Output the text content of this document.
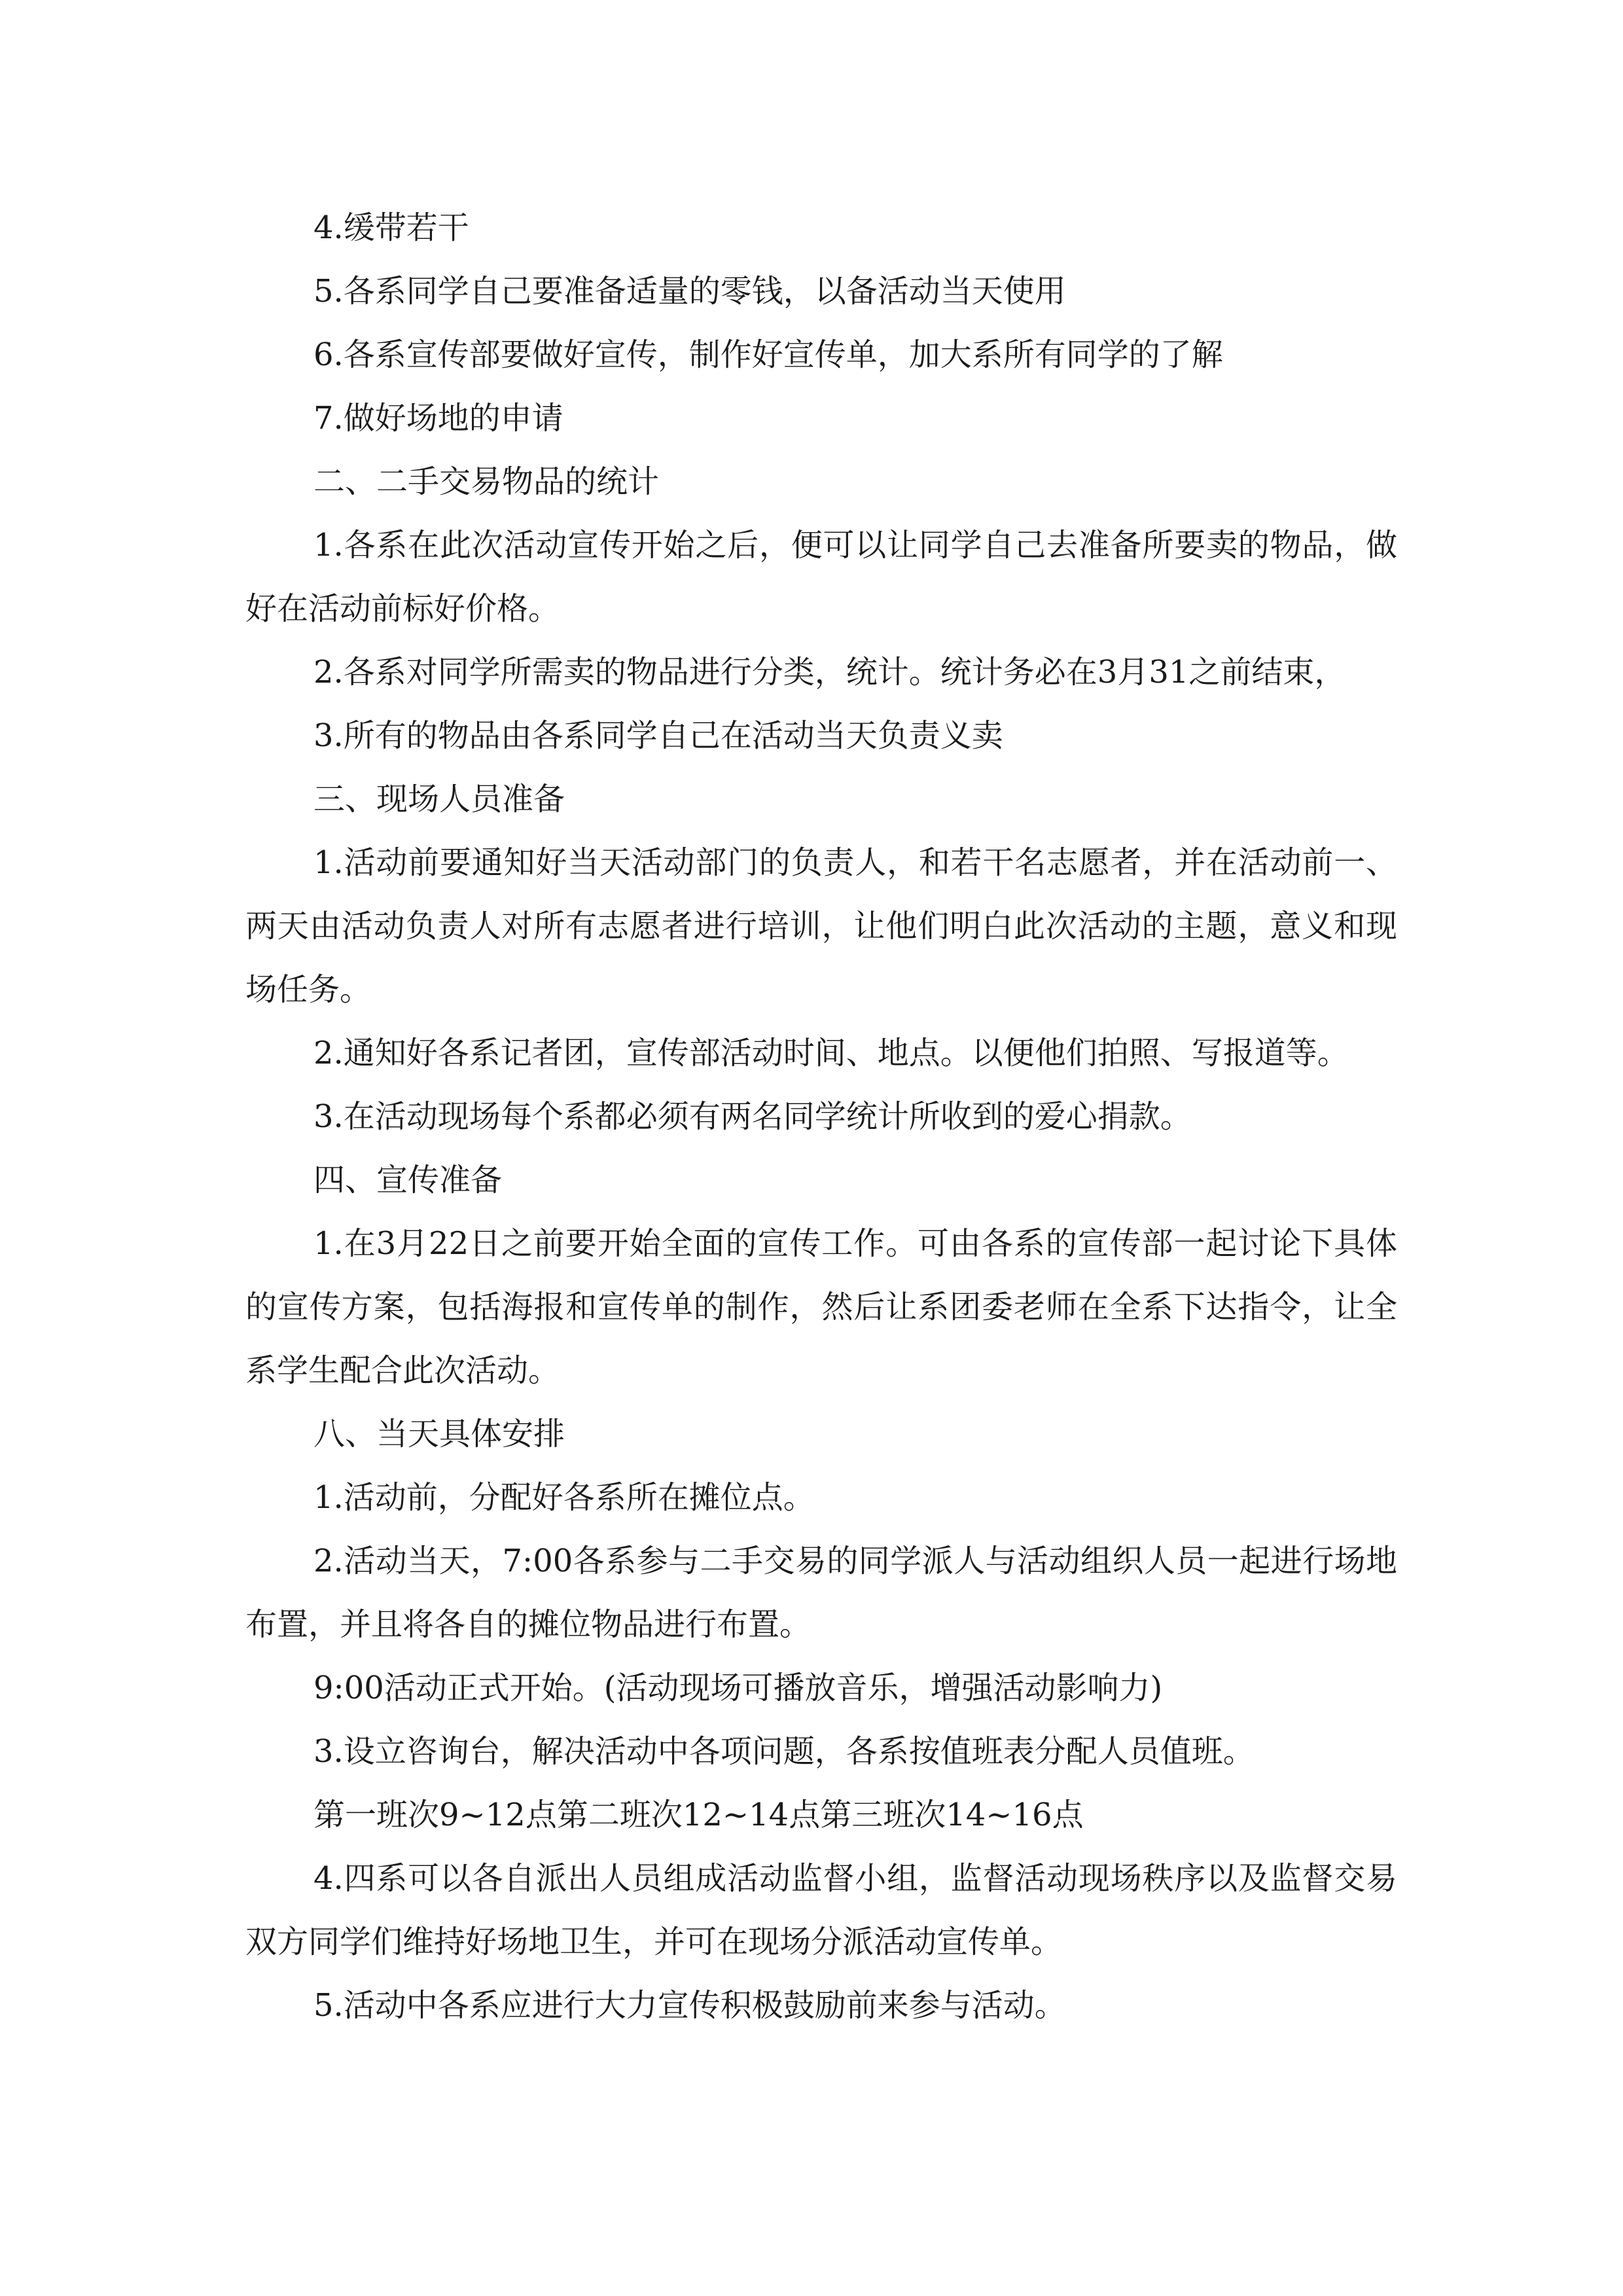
4.缓带若干

5.各系同学自己要准备适量的零钱，以备活动当天使用

6.各系宣传部要做好宣传，制作好宣传单，加大系所有同学的了解

7.做好场地的申请

二、二手交易物品的统计

1.各系在此次活动宣传开始之后，便可以让同学自己去准备所要卖的物品，做好在活动前标好价格。

2.各系对同学所需卖的物品进行分类，统计。统计务必在3月31之前结束，

3.所有的物品由各系同学自己在活动当天负责义卖

三、现场人员准备

1.活动前要通知好当天活动部门的负责人，和若干名志愿者，并在活动前一、两天由活动负责人对所有志愿者进行培训，让他们明白此次活动的主题，意义和现场任务。

2.通知好各系记者团，宣传部活动时间、地点。以便他们拍照、写报道等。

3.在活动现场每个系都必须有两名同学统计所收到的爱心捐款。

四、宣传准备

1.在3月22日之前要开始全面的宣传工作。可由各系的宣传部一起讨论下具体的宣传方案，包括海报和宣传单的制作，然后让系团委老师在全系下达指令，让全系学生配合此次活动。

八、当天具体安排

1.活动前，分配好各系所在摊位点。

2.活动当天，7:00各系参与二手交易的同学派人与活动组织人员一起进行场地布置，并且将各自的摊位物品进行布置。

9:00活动正式开始。(活动现场可播放音乐，增强活动影响力)

3.设立咨询台，解决活动中各项问题，各系按值班表分配人员值班。

第一班次9~12点第二班次12~14点第三班次14~16点

4.四系可以各自派出人员组成活动监督小组，监督活动现场秩序以及监督交易双方同学们维持好场地卫生，并可在现场分派活动宣传单。

5.活动中各系应进行大力宣传积极鼓励前来参与活动。
